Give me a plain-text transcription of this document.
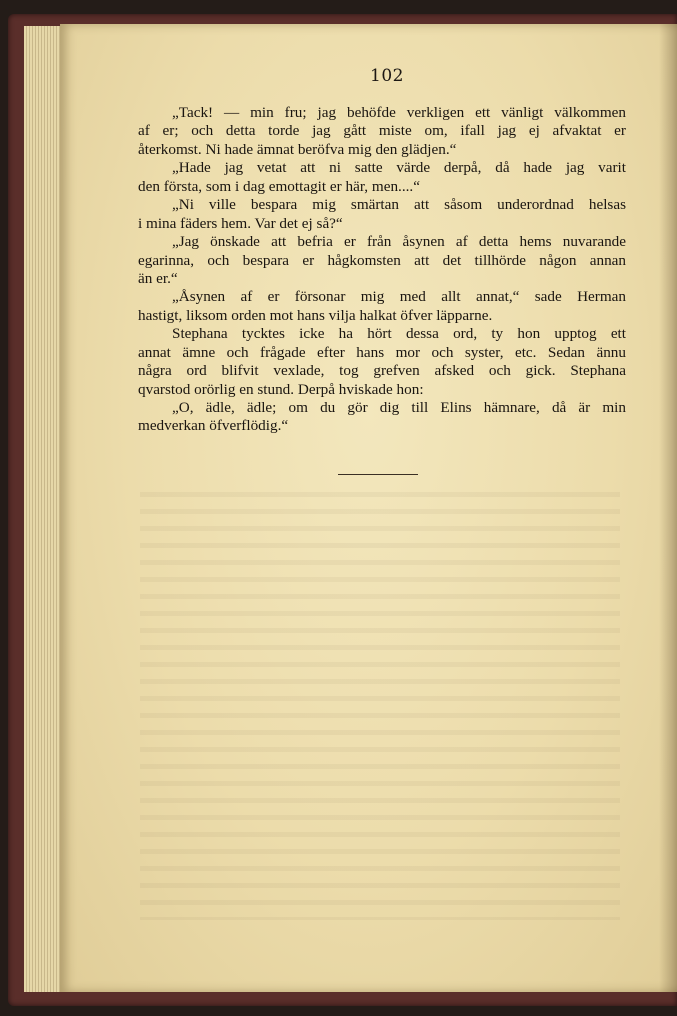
102
„Tack! — min fru; jag behöfde verkligen ett vänligt välkommen
af er; och detta torde jag gått miste om, ifall jag ej afvaktat er
återkomst. Ni hade ämnat beröfva mig den glädjen.“
„Hade jag vetat att ni satte värde derpå, då hade jag varit
den första, som i dag emottagit er här, men....“
„Ni ville bespara mig smärtan att såsom underordnad helsas
i mina fäders hem. Var det ej så?“
„Jag önskade att befria er från åsynen af detta hems nuvarande
egarinna, och bespara er hågkomsten att det tillhörde någon annan
än er.“
„Åsynen af er försonar mig med allt annat,“ sade Herman
hastigt, liksom orden mot hans vilja halkat öfver läpparne.
Stephana tycktes icke ha hört dessa ord, ty hon upptog ett
annat ämne och frågade efter hans mor och syster, etc. Sedan ännu
några ord blifvit vexlade, tog grefven afsked och gick. Stephana
qvarstod orörlig en stund. Derpå hviskade hon:
„O, ädle, ädle; om du gör dig till Elins hämnare, då är min
medverkan öfverflödig.“
